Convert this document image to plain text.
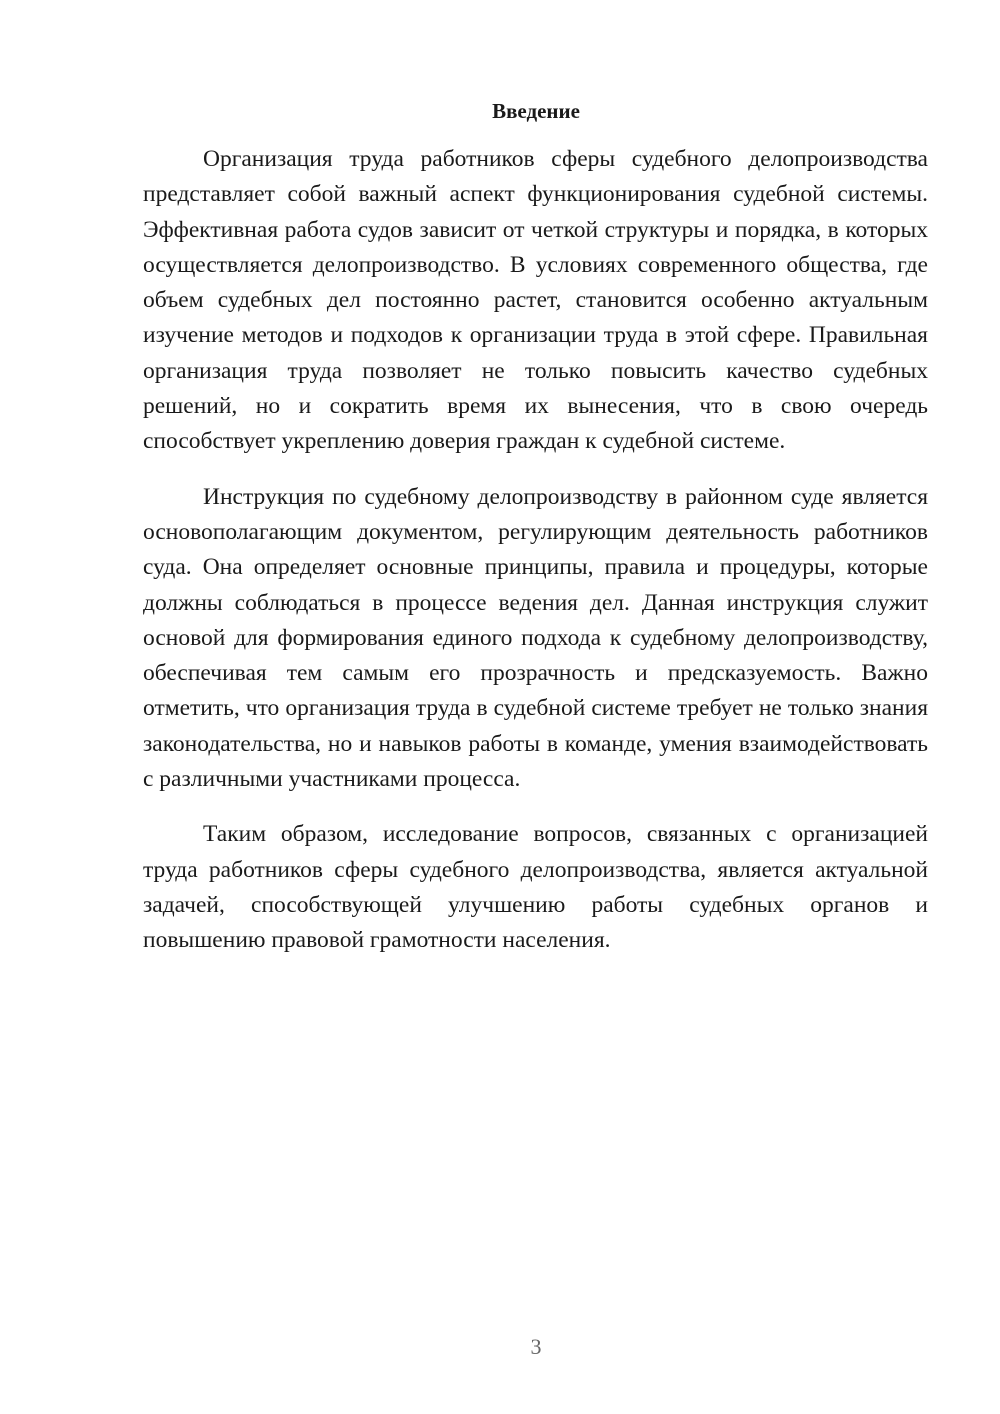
Введение

Организация труда работников сферы судебного делопроизводства представляет собой важный аспект функционирования судебной системы. Эффективная работа судов зависит от четкой структуры и порядка, в которых осуществляется делопроизводство. В условиях современного общества, где объем судебных дел постоянно растет, становится особенно актуальным изучение методов и подходов к организации труда в этой сфере. Правильная организация труда позволяет не только повысить качество судебных решений, но и сократить время их вынесения, что в свою очередь способствует укреплению доверия граждан к судебной системе.

Инструкция по судебному делопроизводству в районном суде является основополагающим документом, регулирующим деятельность работников суда. Она определяет основные принципы, правила и процедуры, которые должны соблюдаться в процессе ведения дел. Данная инструкция служит основой для формирования единого подхода к судебному делопроизводству, обеспечивая тем самым его прозрачность и предсказуемость. Важно отметить, что организация труда в судебной системе требует не только знания законодательства, но и навыков работы в команде, умения взаимодействовать с различными участниками процесса.

Таким образом, исследование вопросов, связанных с организацией труда работников сферы судебного делопроизводства, является актуальной задачей, способствующей улучшению работы судебных органов и повышению правовой грамотности населения.

3
